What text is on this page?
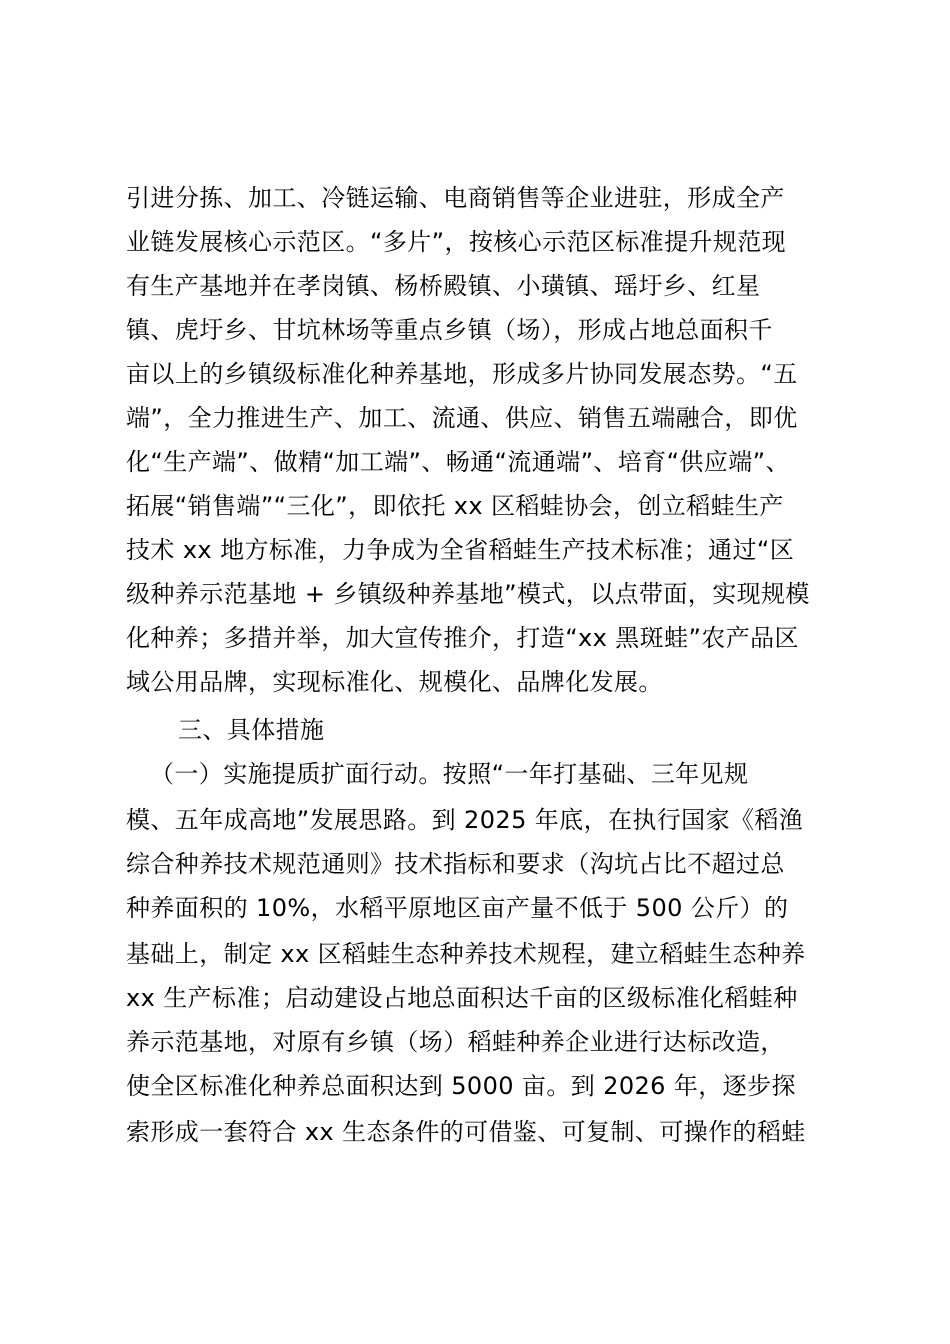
引进分拣、加工、冷链运输、电商销售等企业进驻，形成全产
业链发展核心示范区。“多片”，按核心示范区标准提升规范现
有生产基地并在孝岗镇、杨桥殿镇、小璜镇、瑶圩乡、红星
镇、虎圩乡、甘坑林场等重点乡镇（场），形成占地总面积千
亩以上的乡镇级标准化种养基地，形成多片协同发展态势。“五
端”，全力推进生产、加工、流通、供应、销售五端融合，即优
化“生产端”、做精“加工端”、畅通“流通端”、培育“供应端”、
拓展“销售端”“三化”，即依托 xx 区稻蛙协会，创立稻蛙生产
技术 xx 地方标准，力争成为全省稻蛙生产技术标准；通过“区
级种养示范基地 + 乡镇级种养基地”模式，以点带面，实现规模
化种养；多措并举，加大宣传推介，打造“xx 黑斑蛙”农产品区
域公用品牌，实现标准化、规模化、品牌化发展。
三、具体措施
（一）实施提质扩面行动。按照“一年打基础、三年见规
模、五年成高地”发展思路。到 2025 年底，在执行国家《稻渔
综合种养技术规范通则》技术指标和要求（沟坑占比不超过总
种养面积的 10%，水稻平原地区亩产量不低于 500 公斤）的
基础上，制定 xx 区稻蛙生态种养技术规程，建立稻蛙生态种养
xx 生产标准；启动建设占地总面积达千亩的区级标准化稻蛙种
养示范基地，对原有乡镇（场）稻蛙种养企业进行达标改造，
使全区标准化种养总面积达到 5000 亩。到 2026 年，逐步探
索形成一套符合 xx 生态条件的可借鉴、可复制、可操作的稻蛙
